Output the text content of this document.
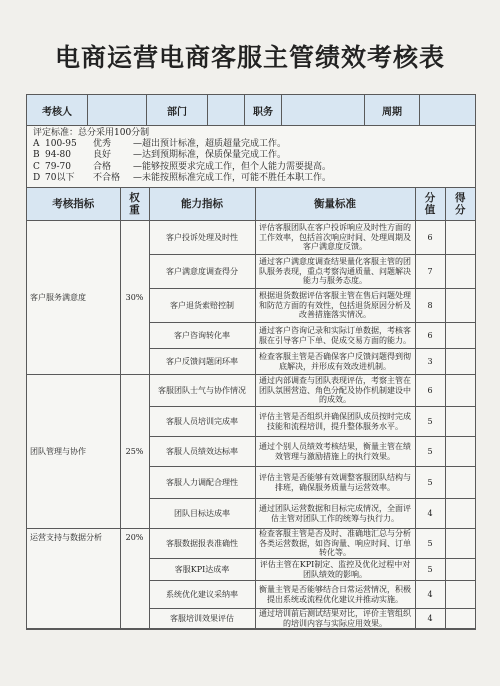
电商运营电商客服主管绩效考核表
考核人	部门	职务	周期
评定标准：总分采用100分制
A 100-95	优秀	—超出预计标准，超质超量完成工作。
B 94-80	良好	—达到预期标准，保质保量完成工作。
C 79-70	合格	—能够按照要求完成工作，但个人能力需要提高。
D 70以下	不合格	—未能按照标准完成工作，可能不胜任本职工作。
考核指标	权重	能力指标	衡量标准	分值	得分
客户服务满意度	30%	客户投诉处理及时性	评估客服团队在客户投诉响应及时性方面的工作效率，包括首次响应时间、处理周期及客户满意度反馈。	6	
		客户满意度调查得分	通过客户满意度调查结果量化客服主管的团队服务表现，重点考察沟通质量、问题解决能力与服务态度。	7	
		客户退货索赔控制	根据退货数据评估客服主管在售后问题处理和防范方面的有效性，包括退货原因分析及改善措施落实情况。	8	
		客户咨询转化率	通过客户咨询记录和实际订单数据，考核客服在引导客户下单、促成交易方面的能力。	6	
		客户反馈问题闭环率	检查客服主管是否确保客户反馈问题得到彻底解决，并形成有效改进机制。	3	
团队管理与协作	25%	客服团队士气与协作情况	通过内部调查与团队表现评估，考察主管在团队氛围营造、角色分配及协作机制建设中的成效。	6	
		客服人员培训完成率	评估主管是否组织并确保团队成员按时完成技能和流程培训，提升整体服务水平。	5	
		客服人员绩效达标率	通过个别人员绩效考核结果，衡量主管在绩效管理与激励措施上的执行效果。	5	
		客服人力调配合理性	评估主管是否能够有效调整客服团队结构与排班，确保服务质量与运营效率。	5	
		团队目标达成率	通过团队运营数据和目标完成情况，全面评估主管对团队工作的统筹与执行力。	4	
运营支持与数据分析	20%	客服数据报表准确性	检查客服主管是否及时、准确地汇总与分析各类运营数据，如咨询量、响应时间、订单转化等。	5	
		客服KPI达成率	评估主管在KPI制定、监控及优化过程中对团队绩效的影响。	5	
		系统优化建议采纳率	衡量主管是否能够结合日常运营情况，积极提出系统或流程优化建议并推动实施。	4	
		客服培训效果评估	通过培训前后测试结果对比，评价主管组织的培训内容与实际应用效果。	4	
